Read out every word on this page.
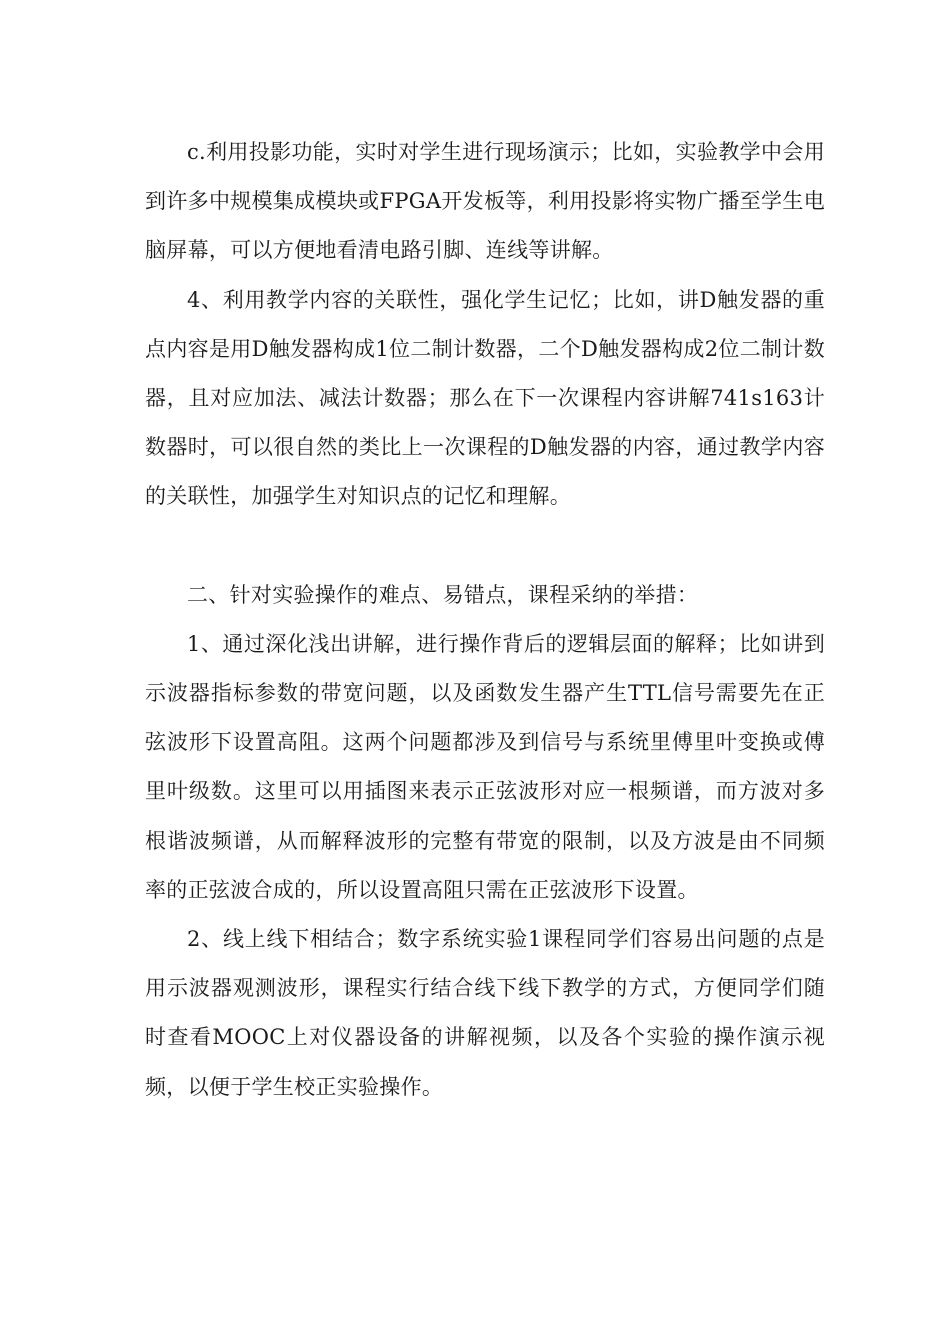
c.利用投影功能，实时对学生进行现场演示；比如，实验教学中会用到许多中规模集成模块或FPGA开发板等，利用投影将实物广播至学生电脑屏幕，可以方便地看清电路引脚、连线等讲解。

4、利用教学内容的关联性，强化学生记忆；比如，讲D触发器的重点内容是用D触发器构成1位二制计数器，二个D触发器构成2位二制计数器，且对应加法、减法计数器；那么在下一次课程内容讲解741s163计数器时，可以很自然的类比上一次课程的D触发器的内容，通过教学内容的关联性，加强学生对知识点的记忆和理解。

二、针对实验操作的难点、易错点，课程采纳的举措：

1、通过深化浅出讲解，进行操作背后的逻辑层面的解释；比如讲到示波器指标参数的带宽问题，以及函数发生器产生TTL信号需要先在正弦波形下设置高阻。这两个问题都涉及到信号与系统里傅里叶变换或傅里叶级数。这里可以用插图来表示正弦波形对应一根频谱，而方波对多根谐波频谱，从而解释波形的完整有带宽的限制，以及方波是由不同频率的正弦波合成的，所以设置高阻只需在正弦波形下设置。

2、线上线下相结合；数字系统实验1课程同学们容易出问题的点是用示波器观测波形，课程实行结合线下线下教学的方式，方便同学们随时查看MOOC上对仪器设备的讲解视频，以及各个实验的操作演示视频，以便于学生校正实验操作。
